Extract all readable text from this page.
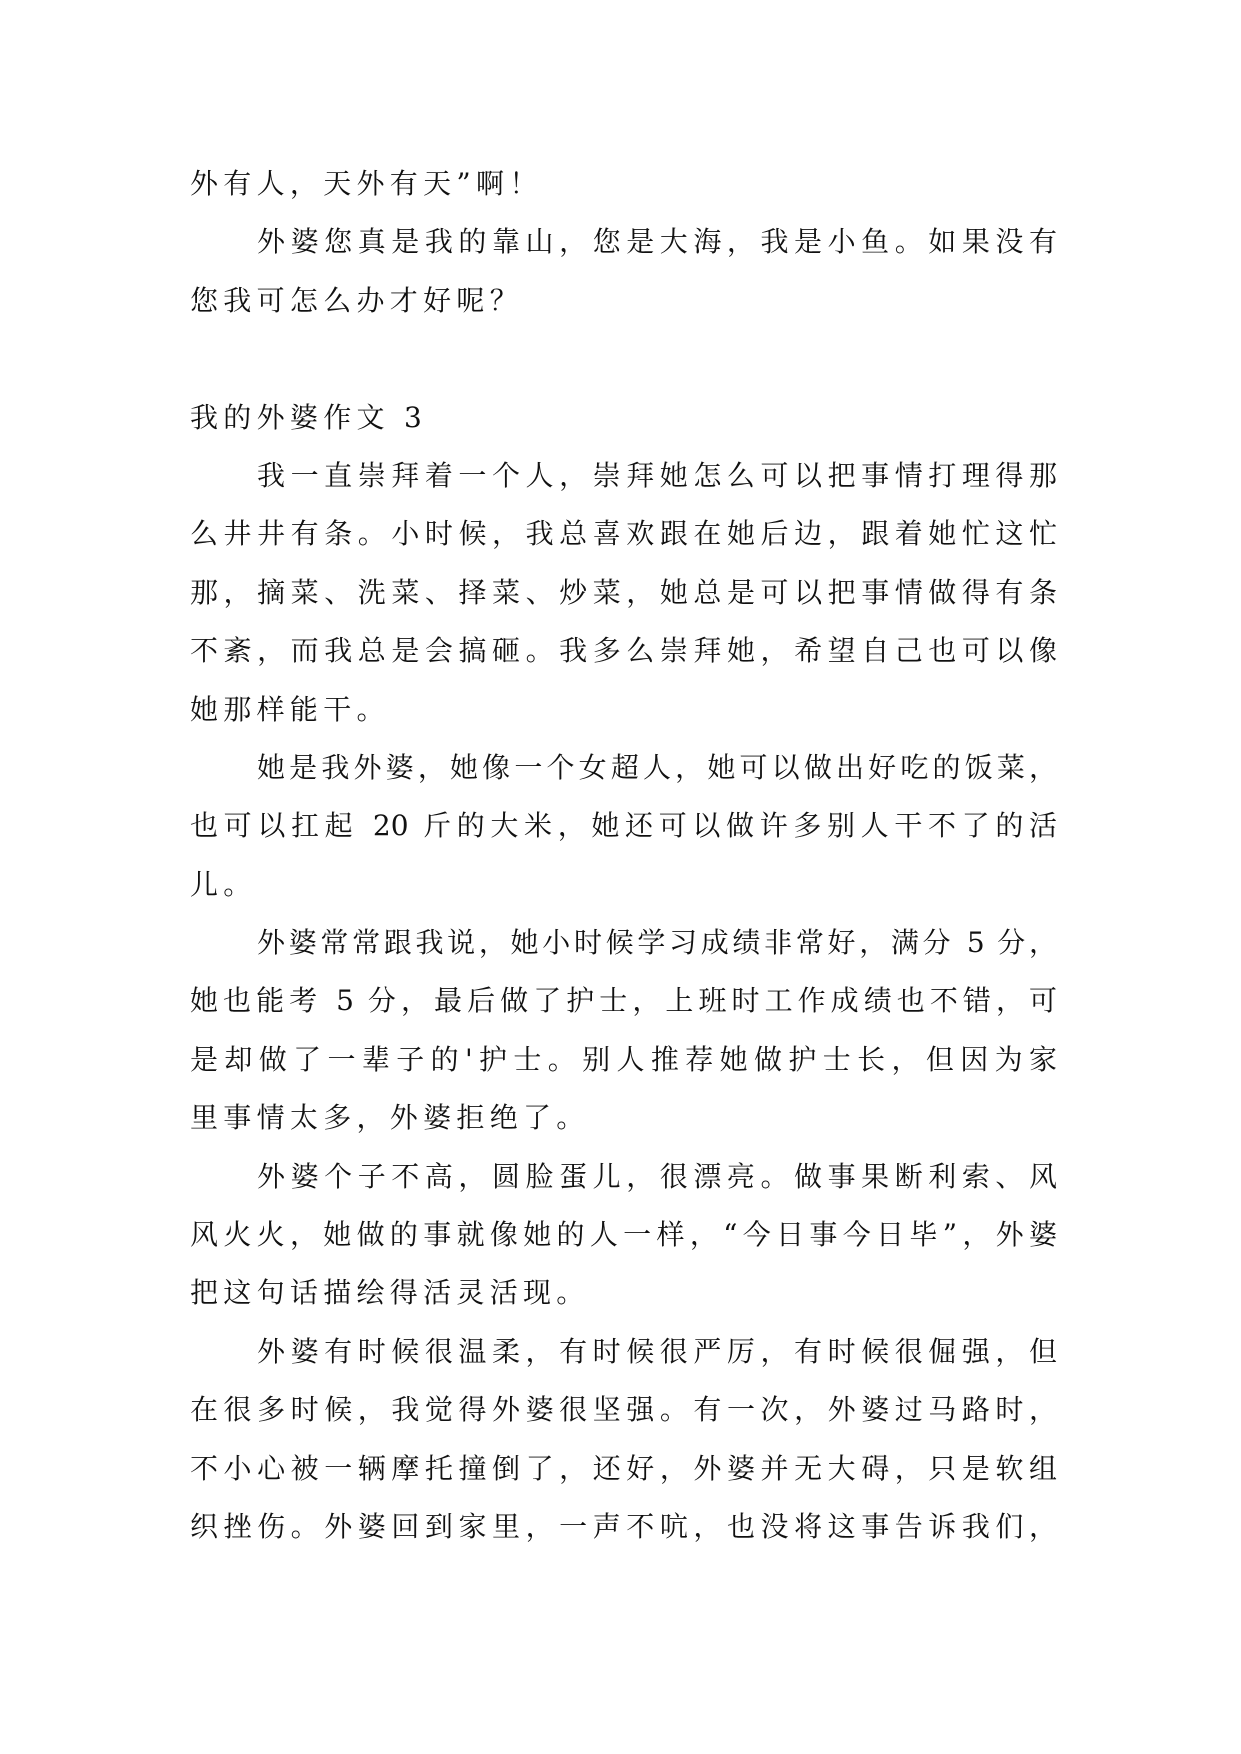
外有人，天外有天”啊！
外婆您真是我的靠山，您是大海，我是小鱼。如果没有
您我可怎么办才好呢？
我的外婆作文 3
我一直崇拜着一个人，崇拜她怎么可以把事情打理得那
么井井有条。小时候，我总喜欢跟在她后边，跟着她忙这忙
那，摘菜、洗菜、择菜、炒菜，她总是可以把事情做得有条
不紊，而我总是会搞砸。我多么崇拜她，希望自己也可以像
她那样能干。
她是我外婆，她像一个女超人，她可以做出好吃的饭菜，
也可以扛起 20 斤的大米，她还可以做许多别人干不了的活
儿。
外婆常常跟我说，她小时候学习成绩非常好，满分 5 分，
她也能考 5 分，最后做了护士，上班时工作成绩也不错，可
是却做了一辈子的'护士。别人推荐她做护士长，但因为家
里事情太多，外婆拒绝了。
外婆个子不高，圆脸蛋儿，很漂亮。做事果断利索、风
风火火，她做的事就像她的人一样，“今日事今日毕”，外婆
把这句话描绘得活灵活现。
外婆有时候很温柔，有时候很严厉，有时候很倔强，但
在很多时候，我觉得外婆很坚强。有一次，外婆过马路时，
不小心被一辆摩托撞倒了，还好，外婆并无大碍，只是软组
织挫伤。外婆回到家里，一声不吭，也没将这事告诉我们，
